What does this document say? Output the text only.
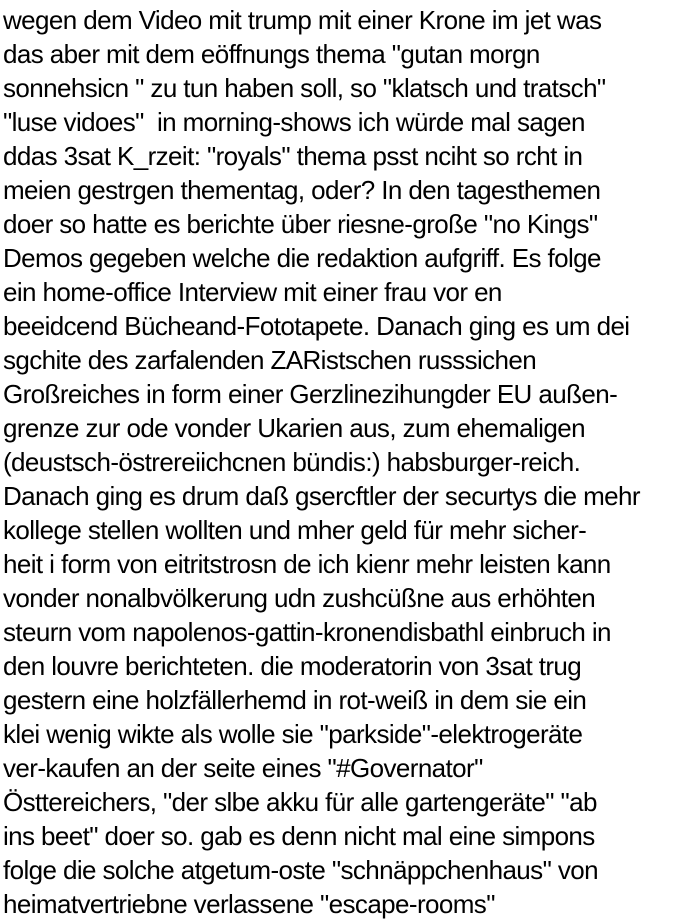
wegen dem Video mit trump mit einer Krone im jet was
das aber mit dem eöffnungs thema "gutan morgn
sonnehsicn " zu tun haben soll, so "klatsch und tratsch"
"luse vidoes"  in morning-shows ich würde mal sagen
ddas 3sat K_rzeit: "royals" thema psst nciht so rcht in
meien gestrgen thementag, oder? In den tagesthemen
doer so hatte es berichte über riesne-große "no Kings"
Demos gegeben welche die redaktion aufgriff. Es folge
ein home-office Interview mit einer frau vor en
beeidcend Bücheand-Fototapete. Danach ging es um dei
sgchite des zarfalenden ZARistschen russsichen
Großreiches in form einer Gerzlinezihungder EU außen-
grenze zur ode vonder Ukarien aus, zum ehemaligen
(deustsch-östrereiichcnen bündis:) habsburger-reich.
Danach ging es drum daß gsercftler der securtys die mehr
kollege stellen wollten und mher geld für mehr sicher-
heit i form von eitritstrosn de ich kienr mehr leisten kann
vonder nonalbvölkerung udn zushcüßne aus erhöhten
steurn vom napolenos-gattin-kronendisbathl einbruch in
den louvre berichteten. die moderatorin von 3sat trug
gestern eine holzfällerhemd in rot-weiß in dem sie ein
klei wenig wikte als wolle sie "parkside"-elektrogeräte
ver-kaufen an der seite eines "#Governator"
Östtereichers, "der slbe akku für alle gartengeräte" "ab
ins beet" doer so. gab es denn nicht mal eine simpons
folge die solche atgetum-oste "schnäppchenhaus" von
heimatvertriebne verlassene "escape-rooms"
